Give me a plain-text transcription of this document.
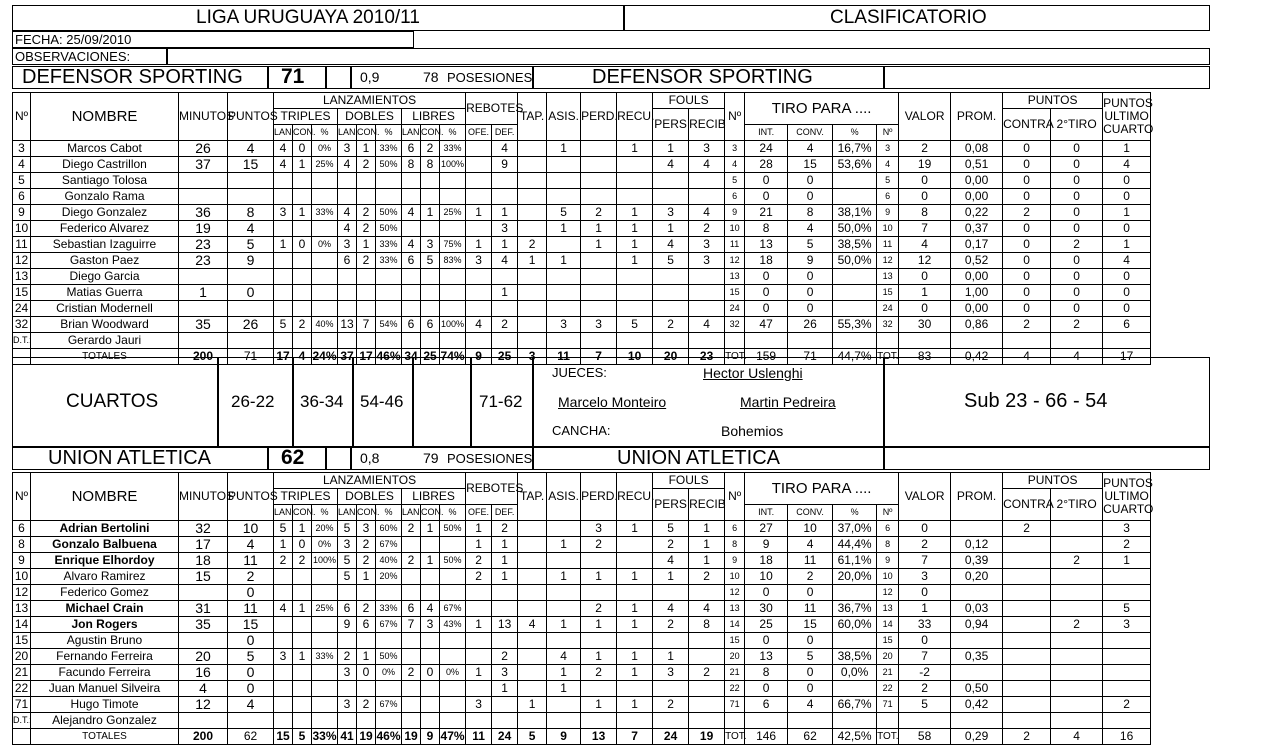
LIGA URUGUAYA 2010/11	CLASIFICATORIO
FECHA: 25/09/2010
OBSERVACIONES:
DEFENSOR SPORTING 71	0,9	78 POSESIONES	DEFENSOR SPORTING
Nº	NOMBRE	MINUTOS	PUNTOS	LANZAMIENTOS									REBOTES		TAP.	ASIS.	PERD.	RECU.	FOULS		Nº	TIRO PARA ....				VALOR	PROM.	PUNTOS		PUNTOS
ULTIMO
CUARTO

				TRIPLES			DOBLES			LIBRES									PERS	RECIB								CONTRA	2°TIRO	
				LAN.	CON.	%	LAN.	CON.	%	LAN.	CON.	%	OFE.	DEF.								INT.	CONV.	%	Nº					
3	Marcos Cabot	26	4	4	0	0%	3	1	33%	6	2	33%		4		1		1	1	3	3	24	4	16,7%	3	2	0,08	0	0	1
4	Diego Castrillon	37	15	4	1	25%	4	2	50%	8	8	100%		9					4	4	4	28	15	53,6%	4	19	0,51	0	0	4
5	Santiago Tolosa																				5	0	0		5	0	0,00	0	0	0
6	Gonzalo Rama																				6	0	0		6	0	0,00	0	0	0
9	Diego Gonzalez	36	8	3	1	33%	4	2	50%	4	1	25%	1	1		5	2	1	3	4	9	21	8	38,1%	9	8	0,22	2	0	1
10	Federico Alvarez	19	4				4	2	50%					3		1	1	1	1	2	10	8	4	50,0%	10	7	0,37	0	0	0
11	Sebastian Izaguirre	23	5	1	0	0%	3	1	33%	4	3	75%	1	1	2		1	1	4	3	11	13	5	38,5%	11	4	0,17	0	2	1
12	Gaston Paez	23	9				6	2	33%	6	5	83%	3	4	1	1		1	5	3	12	18	9	50,0%	12	12	0,52	0	0	4
13	Diego Garcia																				13	0	0		13	0	0,00	0	0	0
15	Matias Guerra	1	0											1							15	0	0		15	1	1,00	0	0	0
24	Cristian Modernell																				24	0	0		24	0	0,00	0	0	0
32	Brian Woodward	35	26	5	2	40%	13	7	54%	6	6	100%	4	2		3	3	5	2	4	32	47	26	55,3%	32	30	0,86	2	2	6
D.T.:	Gerardo Jauri																													
	TOTALES	200	71	17	4	24%	37	17	46%	34	25	74%	9	25	3	11	7	10	20	23	TOT.	159	71	44,7%	TOT.	83	0,42	4	4	17
CUARTOS	26-22 36-34 54-46	71-62
JUECES:	Hector Uslenghi
Marcelo Monteiro	Martin Pedreira
CANCHA:	Bohemios
Sub 23 - 66 - 54
UNION ATLETICA	62	0,8	79 POSESIONES	UNION ATLETICA
Nº	NOMBRE	MINUTOS	PUNTOS	LANZAMIENTOS									REBOTES		TAP.	ASIS.	PERD.	RECU.	FOULS		Nº	TIRO PARA ....				VALOR	PROM.	PUNTOS		PUNTOS
ULTIMO
CUARTO

				TRIPLES			DOBLES			LIBRES									PERS	RECIB								CONTRA	2°TIRO	
				LAN.	CON.	%	LAN.	CON.	%	LAN.	CON.	%	OFE.	DEF.								INT.	CONV.	%	Nº					
6	Adrian Bertolini	32	10	5	1	20%	5	3	60%	2	1	50%	1	2			3	1	5	1	6	27	10	37,0%	6	0		2		3
8	Gonzalo Balbuena	17	4	1	0	0%	3	2	67%				1	1		1	2		2	1	8	9	4	44,4%	8	2	0,12			2
9	Enrique Elhordoy	18	11	2	2	100%	5	2	40%	2	1	50%	2	1					4	1	9	18	11	61,1%	9	7	0,39		2	1
10	Alvaro Ramirez	15	2				5	1	20%				2	1		1	1	1	1	2	10	10	2	20,0%	10	3	0,20			
12	Federico Gomez		0																		12	0	0		12	0				
13	Michael Crain	31	11	4	1	25%	6	2	33%	6	4	67%					2	1	4	4	13	30	11	36,7%	13	1	0,03			5
14	Jon Rogers	35	15				9	6	67%	7	3	43%	1	13	4	1	1	1	2	8	14	25	15	60,0%	14	33	0,94		2	3
15	Agustin Bruno		0																		15	0	0		15	0				
20	Fernando Ferreira	20	5	3	1	33%	2	1	50%					2		4	1	1	1		20	13	5	38,5%	20	7	0,35			
21	Facundo Ferreira	16	0				3	0	0%	2	0	0%	1	3		1	2	1	3	2	21	8	0	0,0%	21	-2				
22	Juan Manuel Silveira	4	0											1		1					22	0	0		22	2	0,50			
71	Hugo Timote	12	4				3	2	67%				3		1		1	1	2		71	6	4	66,7%	71	5	0,42			2
D.T.:	Alejandro Gonzalez																													
	TOTALES	200	62	15	5	33%	41	19	46%	19	9	47%	11	24	5	9	13	7	24	19	TOT.	146	62	42,5%	TOT.	58	0,29	2	4	16
